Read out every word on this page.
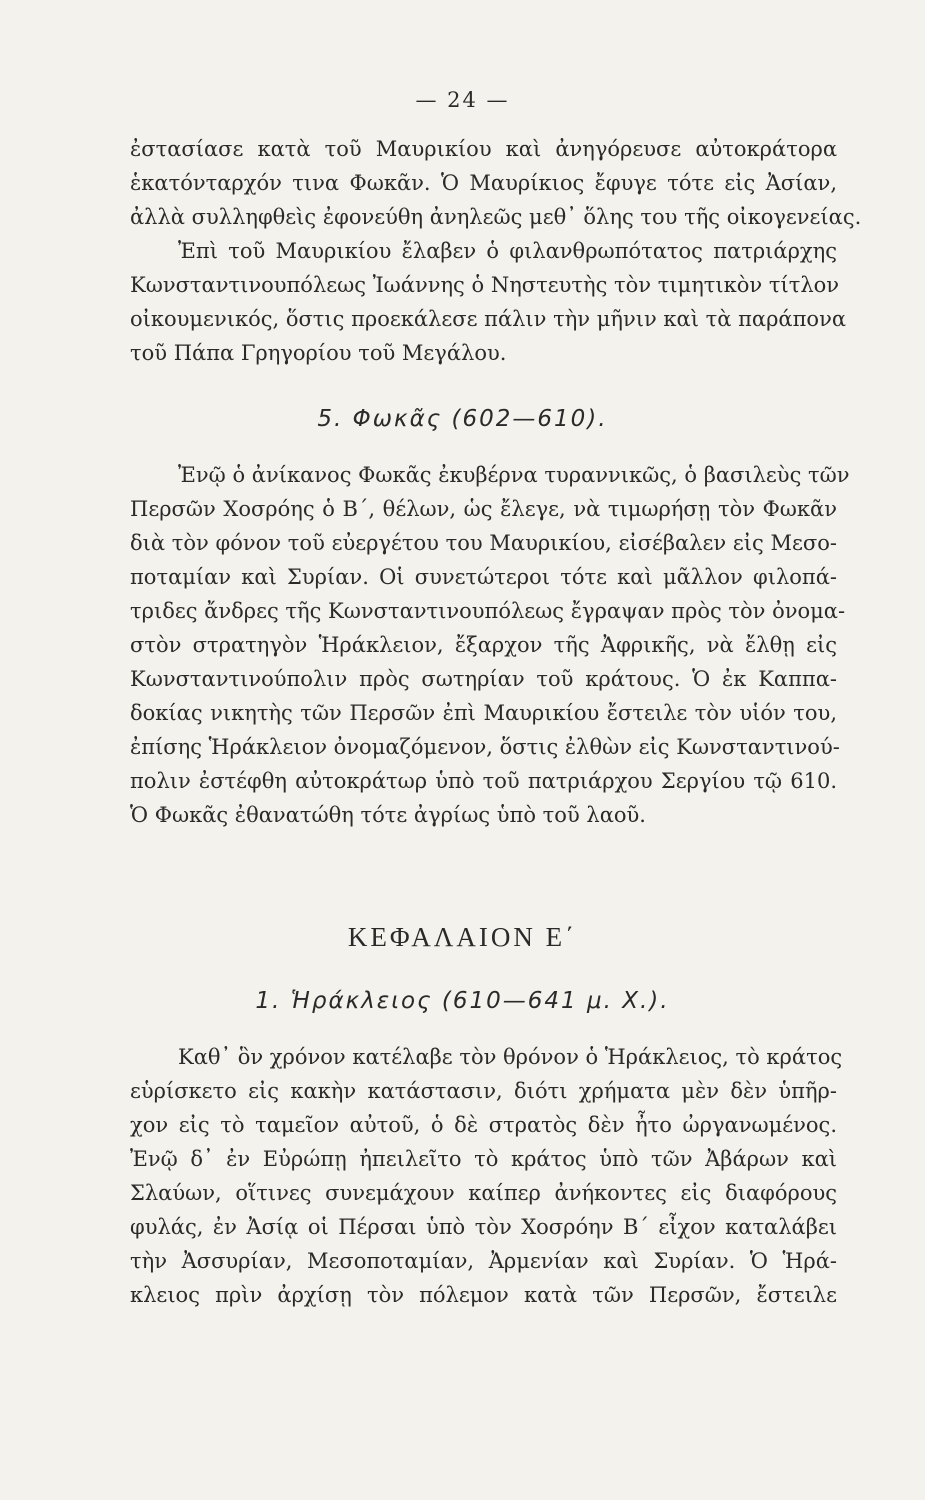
— 24 —
ἐστασίασε κατὰ τοῦ Μαυρικίου καὶ ἀνηγόρευσε αὐτοκράτορα
ἑκατόνταρχόν τινα Φωκᾶν. Ὁ Μαυρίκιος ἔφυγε τότε εἰς Ἀσίαν,
ἀλλὰ συλληφθεὶς ἐφονεύθη ἀνηλεῶς μεθ᾽ ὅλης του τῆς οἰκογενείας.
Ἐπὶ τοῦ Μαυρικίου ἔλαβεν ὁ φιλανθρωπότατος πατριάρχης
Κωνσταντινουπόλεως Ἰωάννης ὁ Νηστευτὴς τὸν τιμητικὸν τίτλον
οἰκουμενικός, ὅστις προεκάλεσε πάλιν τὴν μῆνιν καὶ τὰ παράπονα
τοῦ Πάπα Γρηγορίου τοῦ Μεγάλου.
5. Φωκᾶς (602—610).
Ἐνῷ ὁ ἀνίκανος Φωκᾶς ἐκυβέρνα τυραννικῶς, ὁ βασιλεὺς τῶν
Περσῶν Χοσρόης ὁ Β΄, θέλων, ὡς ἔλεγε, νὰ τιμωρήσῃ τὸν Φωκᾶν
διὰ τὸν φόνον τοῦ εὐεργέτου του Μαυρικίου, εἰσέβαλεν εἰς Μεσο-
ποταμίαν καὶ Συρίαν. Οἱ συνετώτεροι τότε καὶ μᾶλλον φιλοπά-
τριδες ἄνδρες τῆς Κωνσταντινουπόλεως ἔγραψαν πρὸς τὸν ὀνομα-
στὸν στρατηγὸν Ἡράκλειον, ἔξαρχον τῆς Ἀφρικῆς, νὰ ἔλθῃ εἰς
Κωνσταντινούπολιν πρὸς σωτηρίαν τοῦ κράτους. Ὁ ἐκ Καππα-
δοκίας νικητὴς τῶν Περσῶν ἐπὶ Μαυρικίου ἔστειλε τὸν υἱόν του,
ἐπίσης Ἡράκλειον ὀνομαζόμενον, ὅστις ἐλθὼν εἰς Κωνσταντινού-
πολιν ἐστέφθη αὐτοκράτωρ ὑπὸ τοῦ πατριάρχου Σεργίου τῷ 610.
Ὁ Φωκᾶς ἐθανατώθη τότε ἀγρίως ὑπὸ τοῦ λαοῦ.
ΚΕΦΑΛΑΙΟΝ Ε΄
1. Ἡράκλειος (610—641 μ. Χ.).
Καθ᾽ ὃν χρόνον κατέλαβε τὸν θρόνον ὁ Ἡράκλειος, τὸ κράτος
εὑρίσκετο εἰς κακὴν κατάστασιν, διότι χρήματα μὲν δὲν ὑπῆρ-
χον εἰς τὸ ταμεῖον αὐτοῦ, ὁ δὲ στρατὸς δὲν ἦτο ὠργανωμένος.
Ἐνῷ δ᾽ ἐν Εὐρώπῃ ἠπειλεῖτο τὸ κράτος ὑπὸ τῶν Ἀβάρων καὶ
Σλαύων, οἵτινες συνεμάχουν καίπερ ἀνήκοντες εἰς διαφόρους
φυλάς, ἐν Ἀσίᾳ οἱ Πέρσαι ὑπὸ τὸν Χοσρόην Β΄ εἶχον καταλάβει
τὴν Ἀσσυρίαν, Μεσοποταμίαν, Ἀρμενίαν καὶ Συρίαν. Ὁ Ἡρά-
κλειος πρὶν ἀρχίσῃ τὸν πόλεμον κατὰ τῶν Περσῶν, ἔστειλε
